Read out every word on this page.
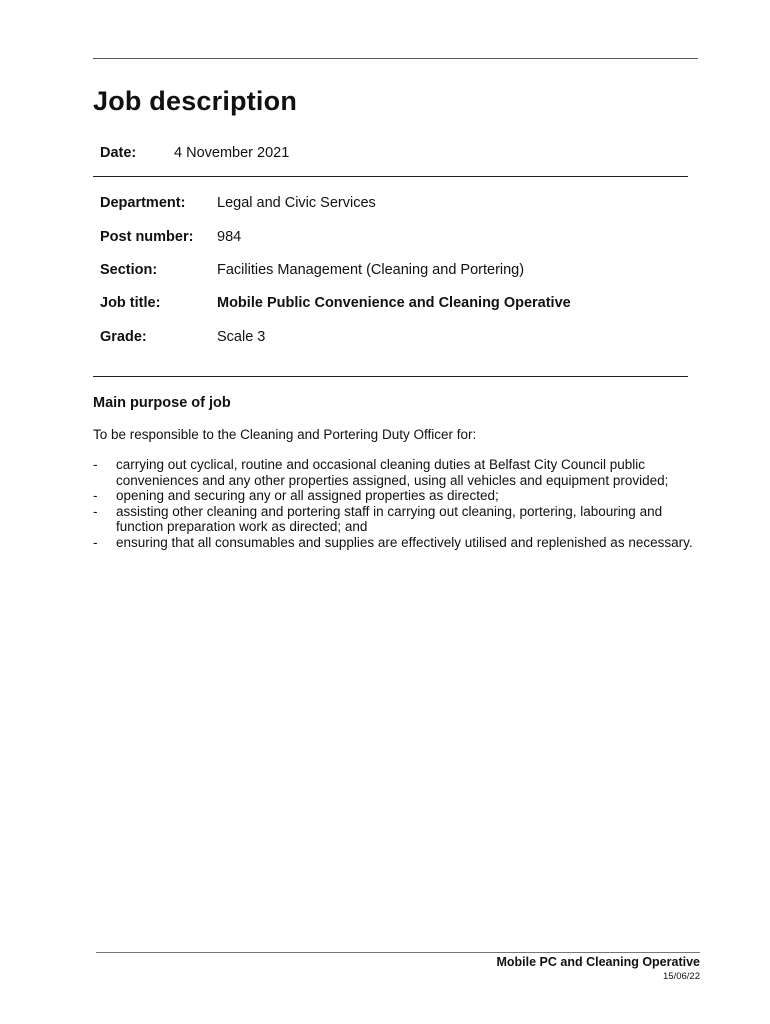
Job description
Date:	4 November 2021
Department: Legal and Civic Services
Post number: 984
Section:	Facilities Management (Cleaning and Portering)
Job title:	Mobile Public Convenience and Cleaning Operative
Grade:	Scale 3
Main purpose of job
To be responsible to the Cleaning and Portering Duty Officer for:
- carrying out cyclical, routine and occasional cleaning duties at Belfast City Council public conveniences and any other properties assigned, using all vehicles and equipment provided;
- opening and securing any or all assigned properties as directed;
- assisting other cleaning and portering staff in carrying out cleaning, portering, labouring and function preparation work as directed; and
- ensuring that all consumables and supplies are effectively utilised and replenished as necessary.
Mobile PC and Cleaning Operative
15/06/22
